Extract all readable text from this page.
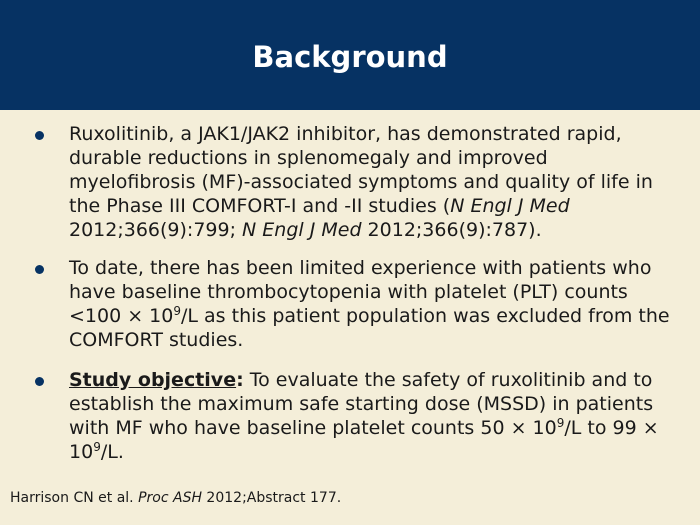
Background
Ruxolitinib, a JAK1/JAK2 inhibitor, has demonstrated rapid, durable reductions in splenomegaly and improved myelofibrosis (MF)-associated symptoms and quality of life in the Phase III COMFORT-I and -II studies (N Engl J Med 2012;366(9):799; N Engl J Med 2012;366(9):787).
To date, there has been limited experience with patients who have baseline thrombocytopenia with platelet (PLT) counts $<100 \times 10^9/L$ as this patient population was excluded from the COMFORT studies.
Study objective: To evaluate the safety of ruxolitinib and to establish the maximum safe starting dose (MSSD) in patients with MF who have baseline platelet counts $50 \times 10^9/L$ to $99 \times 10^9/L$.
Harrison CN et al. Proc ASH 2012;Abstract 177.
